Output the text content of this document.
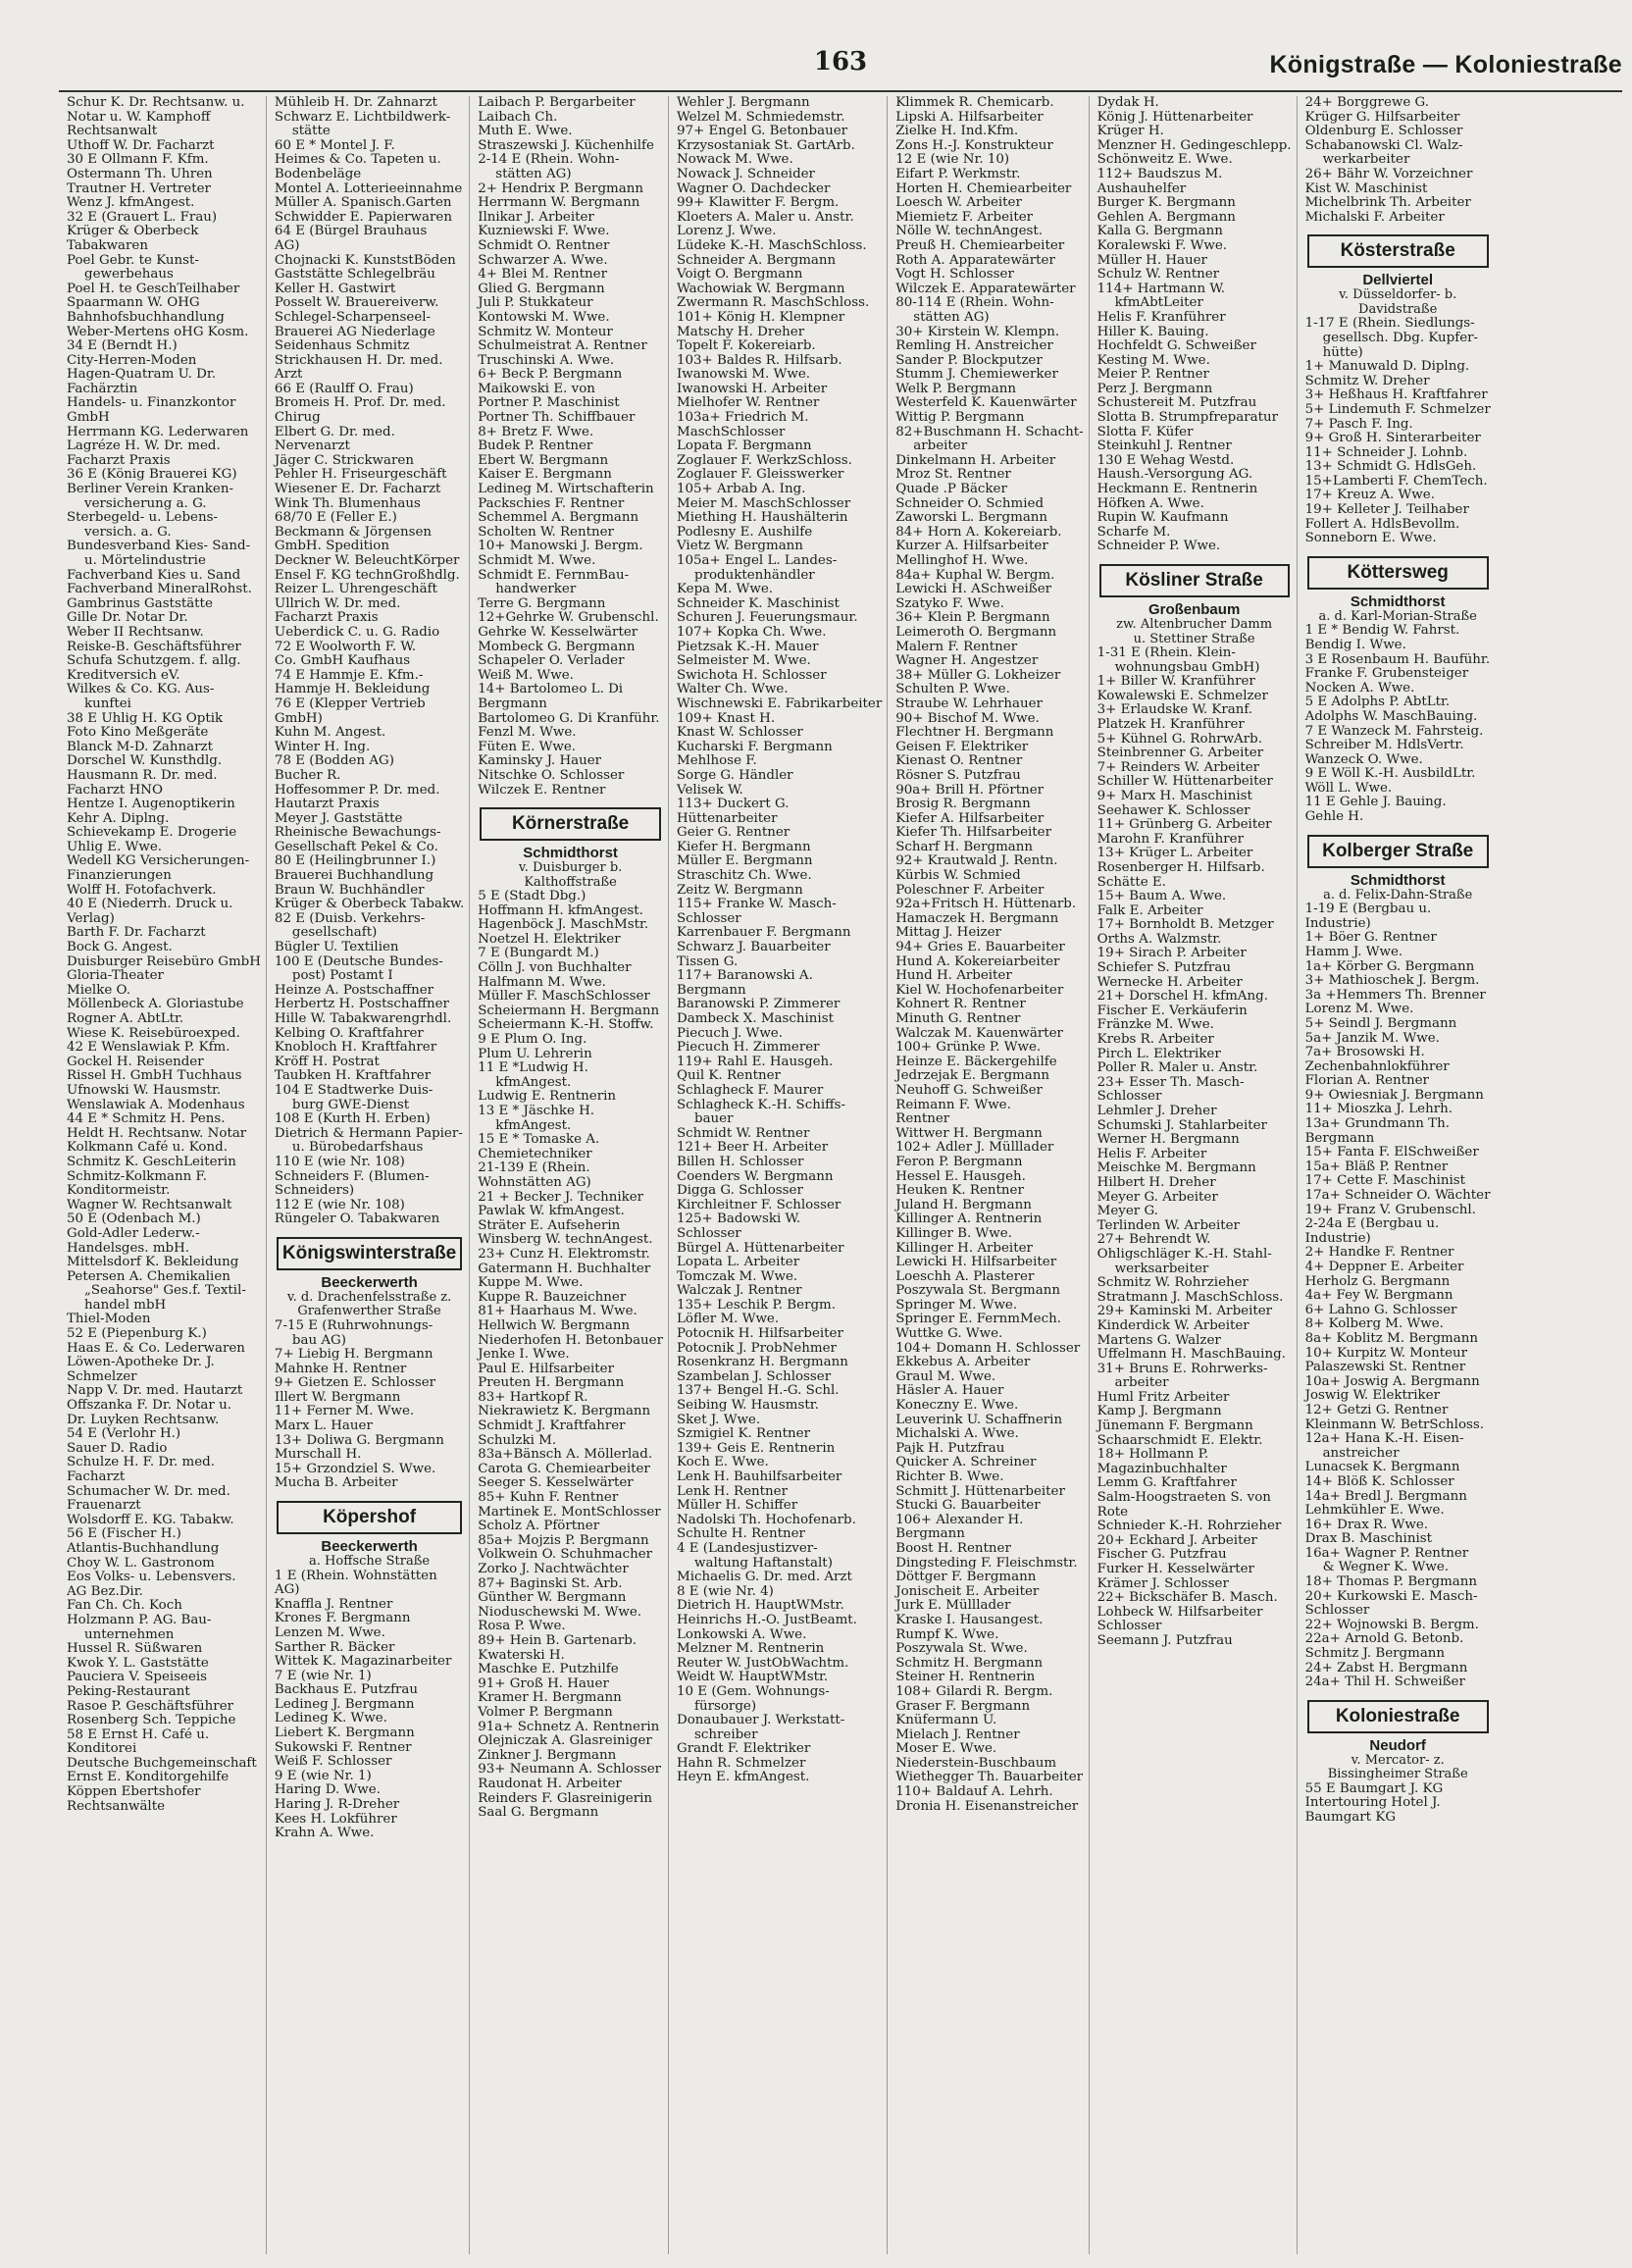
163	Königstraße — Koloniestraße
Schur K. Dr. Rechtsanw. u.
Notar u. W. Kamphoff
Rechtsanwalt
Uthoff W. Dr. Facharzt
30 E Ollmann F. Kfm.
Ostermann Th. Uhren
Trautner H. Vertreter
Wenz J. kfmAngest.
32 E (Grauert L. Frau)
Krüger & Oberbeck
Tabakwaren
Poel Gebr. te Kunst-
gewerbehaus
Poel H. te GeschTeilhaber
Spaarmann W. OHG
Bahnhofsbuchhandlung
Weber-Mertens oHG Kosm.
34 E (Berndt H.)
City-Herren-Moden
Hagen-Quatram U. Dr.
Fachärztin
Handels- u. Finanzkontor
GmbH
Herrmann KG. Lederwaren
Lagréze H. W. Dr. med.
Facharzt Praxis
36 E (König Brauerei KG)
Berliner Verein Kranken-
versicherung a. G.
Sterbegeld- u. Lebens-
versich. a. G.
Bundesverband Kies- Sand-
u. Mörtelindustrie
Fachverband Kies u. Sand
Fachverband MineralRohst.
Gambrinus Gaststätte
Gille Dr. Notar Dr.
Weber II Rechtsanw.
Reiske-B. Geschäftsführer
Schufa Schutzgem. f. allg.
Kreditversich eV.
Wilkes & Co. KG. Aus-
kunftei
38 E Uhlig H. KG Optik
Foto Kino Meßgeräte
Blanck M-D. Zahnarzt
Dorschel W. Kunsthdlg.
Hausmann R. Dr. med.
Facharzt HNO
Hentze I. Augenoptikerin
Kehr A. Diplng.
Schievekamp E. Drogerie
Uhlig E. Wwe.
Wedell KG Versicherungen-
Finanzierungen
Wolff H. Fotofachverk.
40 E (Niederrh. Druck u.
Verlag)
Barth F. Dr. Facharzt
Bock G. Angest.
Duisburger Reisebüro GmbH
Gloria-Theater
Mielke O.
Möllenbeck A. Gloriastube
Rogner A. AbtLtr.
Wiese K. Reisebüroexped.
42 E Wenslawiak P. Kfm.
Gockel H. Reisender
Rissel H. GmbH Tuchhaus
Ufnowski W. Hausmstr.
Wenslawiak A. Modenhaus
44 E * Schmitz H. Pens.
Heldt H. Rechtsanw. Notar
Kolkmann Café u. Kond.
Schmitz K. GeschLeiterin
Schmitz-Kolkmann F.
Konditormeistr.
Wagner W. Rechtsanwalt
50 E (Odenbach M.)
Gold-Adler Lederw.-
Handelsges. mbH.
Mittelsdorf K. Bekleidung
Petersen A. Chemikalien
„Seahorse" Ges.f. Textil-
handel mbH
Thiel-Moden
52 E (Piepenburg K.)
Haas E. & Co. Lederwaren
Löwen-Apotheke Dr. J.
Schmelzer
Napp V. Dr. med. Hautarzt
Offszanka F. Dr. Notar u.
Dr. Luyken Rechtsanw.
54 E (Verlohr H.)
Sauer D. Radio
Schulze H. F. Dr. med.
Facharzt
Schumacher W. Dr. med.
Frauenarzt
Wolsdorff E. KG. Tabakw.
56 E (Fischer H.)
Atlantis-Buchhandlung
Choy W. L. Gastronom
Eos Volks- u. Lebensvers.
AG Bez.Dir.
Fan Ch. Ch. Koch
Holzmann P. AG. Bau-
unternehmen
Hussel R. Süßwaren
Kwok Y. L. Gaststätte
Pauciera V. Speiseeis
Peking-Restaurant
Rasoe P. Geschäftsführer
Rosenberg Sch. Teppiche
58 E Ernst H. Café u.
Konditorei
Deutsche Buchgemeinschaft
Ernst E. Konditorgehilfe
Köppen Ebertshofer
Rechtsanwälte
Mühleib H. Dr. Zahnarzt
Schwarz E. Lichtbildwerk-
stätte
60 E * Montel J. F.
Heimes & Co. Tapeten u.
Bodenbeläge
Montel A. Lotterieeinnahme
Müller A. Spanisch.Garten
Schwidder E. Papierwaren
64 E (Bürgel Brauhaus
AG)
Chojnacki K. KunststBöden
Gaststätte Schlegelbräu
Keller H. Gastwirt
Posselt W. Brauereiverw.
Schlegel-Scharpenseel-
Brauerei AG Niederlage
Seidenhaus Schmitz
Strickhausen H. Dr. med.
Arzt
66 E (Raulff O. Frau)
Bromeis H. Prof. Dr. med.
Chirug
Elbert G. Dr. med.
Nervenarzt
Jäger C. Strickwaren
Pehler H. Friseurgeschäft
Wiesener E. Dr. Facharzt
Wink Th. Blumenhaus
68/70 E (Feller E.)
Beckmann & Jörgensen
GmbH. Spedition
Deckner W. BeleuchtKörper
Ensel F. KG technGroßhdlg.
Reizer L. Uhrengeschäft
Ullrich W. Dr. med.
Facharzt Praxis
Ueberdick C. u. G. Radio
72 E Woolworth F. W.
Co. GmbH Kaufhaus
74 E Hammje E. Kfm.-
Hammje H. Bekleidung
76 E (Klepper Vertrieb
GmbH)
Kuhn M. Angest.
Winter H. Ing.
78 E (Bodden AG)
Bucher R.
Hoffesommer P. Dr. med.
Hautarzt Praxis
Meyer J. Gaststätte
Rheinische Bewachungs-
Gesellschaft Pekel & Co.
80 E (Heilingbrunner I.)
Brauerei Buchhandlung
Braun W. Buchhändler
Krüger & Oberbeck Tabakw.
82 E (Duisb. Verkehrs-
gesellschaft)
Bügler U. Textilien
100 E (Deutsche Bundes-
post) Postamt I
Heinze A. Postschaffner
Herbertz H. Postschaffner
Hille W. Tabakwarengrhdl.
Kelbing O. Kraftfahrer
Knobloch H. Kraftfahrer
Kröff H. Postrat
Taubken H. Kraftfahrer
104 E Stadtwerke Duis-
burg GWE-Dienst
108 E (Kurth H. Erben)
Dietrich & Hermann Papier-
u. Bürobedarfshaus
110 E (wie Nr. 108)
Schneiders F. (Blumen-
Schneiders)
112 E (wie Nr. 108)
Rüngeler O. Tabakwaren
Königswinterstraße
Beeckerwerth
v. d. Drachenfelsstraße z.
Grafenwerther Straße
7-15 E (Ruhrwohnungs-
bau AG)
7+ Liebig H. Bergmann
Mahnke H. Rentner
9+ Gietzen E. Schlosser
Illert W. Bergmann
11+ Ferner M. Wwe.
Marx L. Hauer
13+ Doliwa G. Bergmann
Murschall H.
15+ Grzondziel S. Wwe.
Mucha B. Arbeiter
Köpershof
Beeckerwerth
a. Hoffsche Straße
1 E (Rhein. Wohnstätten
AG)
Knaffla J. Rentner
Krones F. Bergmann
Lenzen M. Wwe.
Sarther R. Bäcker
Wittek K. Magazinarbeiter
7 E (wie Nr. 1)
Backhaus E. Putzfrau
Ledineg J. Bergmann
Ledineg K. Wwe.
Liebert K. Bergmann
Sukowski F. Rentner
Weiß F. Schlosser
9 E (wie Nr. 1)
Haring D. Wwe.
Haring J. R-Dreher
Kees H. Lokführer
Krahn A. Wwe.
Laibach P. Bergarbeiter
Laibach Ch.
Muth E. Wwe.
Straszewski J. Küchenhilfe
2-14 E (Rhein. Wohn-
stätten AG)
2+ Hendrix P. Bergmann
Herrmann W. Bergmann
Ilnikar J. Arbeiter
Kuzniewski F. Wwe.
Schmidt O. Rentner
Schwarzer A. Wwe.
4+ Blei M. Rentner
Glied G. Bergmann
Juli P. Stukkateur
Kontowski M. Wwe.
Schmitz W. Monteur
Schulmeistrat A. Rentner
Truschinski A. Wwe.
6+ Beck P. Bergmann
Maikowski E. von
Portner P. Maschinist
Portner Th. Schiffbauer
8+ Bretz F. Wwe.
Budek P. Rentner
Ebert W. Bergmann
Kaiser E. Bergmann
Ledineg M. Wirtschafterin
Packschies F. Rentner
Schemmel A. Bergmann
Scholten W. Rentner
10+ Manowski J. Bergm.
Schmidt M. Wwe.
Schmidt E. FernmBau-
handwerker
Terre G. Bergmann
12+Gehrke W. Grubenschl.
Gehrke W. Kesselwärter
Mombeck G. Bergmann
Schapeler O. Verlader
Weiß M. Wwe.
14+ Bartolomeo L. Di
Bergmann
Bartolomeo G. Di Kranführ.
Fenzl M. Wwe.
Füten E. Wwe.
Kaminsky J. Hauer
Nitschke O. Schlosser
Wilczek E. Rentner
Körnerstraße
Schmidthorst
v. Duisburger b.
Kalthoffstraße
5 E (Stadt Dbg.)
Hoffmann H. kfmAngest.
Hagenböck J. MaschMstr.
Noetzel H. Elektriker
7 E (Bungardt M.)
Cölln J. von Buchhalter
Halfmann M. Wwe.
Müller F. MaschSchlosser
Scheiermann H. Bergmann
Scheiermann K.-H. Stoffw.
9 E Plum O. Ing.
Plum U. Lehrerin
11 E *Ludwig H.
kfmAngest.
Ludwig E. Rentnerin
13 E * Jäschke H.
kfmAngest.
15 E * Tomaske A.
Chemietechniker
21-139 E (Rhein.
Wohnstätten AG)
21 + Becker J. Techniker
Pawlak W. kfmAngest.
Sträter E. Aufseherin
Winsberg W. technAngest.
23+ Cunz H. Elektromstr.
Gatermann H. Buchhalter
Kuppe M. Wwe.
Kuppe R. Bauzeichner
81+ Haarhaus M. Wwe.
Hellwich W. Bergmann
Niederhofen H. Betonbauer
Jenke I. Wwe.
Paul E. Hilfsarbeiter
Preuten H. Bergmann
83+ Hartkopf R.
Niekrawietz K. Bergmann
Schmidt J. Kraftfahrer
Schulzki M.
83a+Bänsch A. Möllerlad.
Carota G. Chemiearbeiter
Seeger S. Kesselwärter
85+ Kuhn F. Rentner
Martinek E. MontSchlosser
Scholz A. Pförtner
85a+ Mojzis P. Bergmann
Volkwein O. Schuhmacher
Zorko J. Nachtwächter
87+ Baginski St. Arb.
Günther W. Bergmann
Nioduschewski M. Wwe.
Rosa P. Wwe.
89+ Hein B. Gartenarb.
Kwaterski H.
Maschke E. Putzhilfe
91+ Groß H. Hauer
Kramer H. Bergmann
Volmer P. Bergmann
91a+ Schnetz A. Rentnerin
Olejniczak A. Glasreiniger
Zinkner J. Bergmann
93+ Neumann A. Schlosser
Raudonat H. Arbeiter
Reinders F. Glasreinigerin
Saal G. Bergmann
Wehler J. Bergmann
Welzel M. Schmiedemstr.
97+ Engel G. Betonbauer
Krzysostaniak St. GartArb.
Nowack M. Wwe.
Nowack J. Schneider
Wagner O. Dachdecker
99+ Klawitter F. Bergm.
Kloeters A. Maler u. Anstr.
Lorenz J. Wwe.
Lüdeke K.-H. MaschSchloss.
Schneider A. Bergmann
Voigt O. Bergmann
Wachowiak W. Bergmann
Zwermann R. MaschSchloss.
101+ König H. Klempner
Matschy H. Dreher
Topelt F. Kokereiarb.
103+ Baldes R. Hilfsarb.
Iwanowski M. Wwe.
Iwanowski H. Arbeiter
Mielhofer W. Rentner
103a+ Friedrich M.
MaschSchlosser
Lopata F. Bergmann
Zoglauer F. WerkzSchloss.
Zoglauer F. Gleisswerker
105+ Arbab A. Ing.
Meier M. MaschSchlosser
Miething H. Haushälterin
Podlesny E. Aushilfe
Vietz W. Bergmann
105a+ Engel L. Landes-
produktenhändler
Kepa M. Wwe.
Schneider K. Maschinist
Schuren J. Feuerungsmaur.
107+ Kopka Ch. Wwe.
Pietzsak K.-H. Mauer
Selmeister M. Wwe.
Swichota H. Schlosser
Walter Ch. Wwe.
Wischnewski E. Fabrikarbeiter
109+ Knast H.
Knast W. Schlosser
Kucharski F. Bergmann
Mehlhose F.
Sorge G. Händler
Velisek W.
113+ Duckert G.
Hüttenarbeiter
Geier G. Rentner
Kiefer H. Bergmann
Müller E. Bergmann
Straschitz Ch. Wwe.
Zeitz W. Bergmann
115+ Franke W. Masch-
Schlosser
Karrenbauer F. Bergmann
Schwarz J. Bauarbeiter
Tissen G.
117+ Baranowski A.
Bergmann
Baranowski P. Zimmerer
Dambeck X. Maschinist
Piecuch J. Wwe.
Piecuch H. Zimmerer
119+ Rahl E. Hausgeh.
Quil K. Rentner
Schlagheck F. Maurer
Schlagheck K.-H. Schiffs-
bauer
Schmidt W. Rentner
121+ Beer H. Arbeiter
Billen H. Schlosser
Coenders W. Bergmann
Digga G. Schlosser
Kirchleitner F. Schlosser
125+ Badowski W.
Schlosser
Bürgel A. Hüttenarbeiter
Lopata L. Arbeiter
Tomczak M. Wwe.
Walczak J. Rentner
135+ Leschik P. Bergm.
Löfler M. Wwe.
Potocnik H. Hilfsarbeiter
Potocnik J. ProbNehmer
Rosenkranz H. Bergmann
Szambelan J. Schlosser
137+ Bengel H.-G. Schl.
Seibing W. Hausmstr.
Sket J. Wwe.
Szmigiel K. Rentner
139+ Geis E. Rentnerin
Koch E. Wwe.
Lenk H. Bauhilfsarbeiter
Lenk H. Rentner
Müller H. Schiffer
Nadolski Th. Hochofenarb.
Schulte H. Rentner
4 E (Landesjustizver-
waltung Haftanstalt)
Michaelis G. Dr. med. Arzt
8 E (wie Nr. 4)
Dietrich H. HauptWMstr.
Heinrichs H.-O. JustBeamt.
Lonkowski A. Wwe.
Melzner M. Rentnerin
Reuter W. JustObWachtm.
Weidt W. HauptWMstr.
10 E (Gem. Wohnungs-
fürsorge)
Donaubauer J. Werkstatt-
schreiber
Grandt F. Elektriker
Hahn R. Schmelzer
Heyn E. kfmAngest.
Klimmek R. Chemicarb.
Lipski A. Hilfsarbeiter
Zielke H. Ind.Kfm.
Zons H.-J. Konstrukteur
12 E (wie Nr. 10)
Eifart P. Werkmstr.
Horten H. Chemiearbeiter
Loesch W. Arbeiter
Miemietz F. Arbeiter
Nölle W. technAngest.
Preuß H. Chemiearbeiter
Roth A. Apparatewärter
Vogt H. Schlosser
Wilczek E. Apparatewärter
80-114 E (Rhein. Wohn-
stätten AG)
30+ Kirstein W. Klempn.
Remling H. Anstreicher
Sander P. Blockputzer
Stumm J. Chemiewerker
Welk P. Bergmann
Westerfeld K. Kauenwärter
Wittig P. Bergmann
82+Buschmann H. Schacht-
arbeiter
Dinkelmann H. Arbeiter
Mroz St. Rentner
Quade .P Bäcker
Schneider O. Schmied
Zaworski L. Bergmann
84+ Horn A. Kokereiarb.
Kurzer A. Hilfsarbeiter
Mellinghof H. Wwe.
84a+ Kuphal W. Bergm.
Lewicki H. ASchweißer
Szatyko F. Wwe.
36+ Klein P. Bergmann
Leimeroth O. Bergmann
Malern F. Rentner
Wagner H. Angestzer
38+ Müller G. Lokheizer
Schulten P. Wwe.
Straube W. Lehrhauer
90+ Bischof M. Wwe.
Flechtner H. Bergmann
Geisen F. Elektriker
Kienast O. Rentner
Rösner S. Putzfrau
90a+ Brill H. Pförtner
Brosig R. Bergmann
Kiefer A. Hilfsarbeiter
Kiefer Th. Hilfsarbeiter
Scharf H. Bergmann
92+ Krautwald J. Rentn.
Kürbis W. Schmied
Poleschner F. Arbeiter
92a+Fritsch H. Hüttenarb.
Hamaczek H. Bergmann
Mittag J. Heizer
94+ Gries E. Bauarbeiter
Hund A. Kokereiarbeiter
Hund H. Arbeiter
Kiel W. Hochofenarbeiter
Kohnert R. Rentner
Minuth G. Rentner
Walczak M. Kauenwärter
100+ Grünke P. Wwe.
Heinze E. Bäckergehilfe
Jedrzejak E. Bergmann
Neuhoff G. Schweißer
Reimann F. Wwe.
Rentner
Wittwer H. Bergmann
102+ Adler J. Mülllader
Feron P. Bergmann
Hessel E. Hausgeh.
Heuken K. Rentner
Juland H. Bergmann
Killinger A. Rentnerin
Killinger B. Wwe.
Killinger H. Arbeiter
Lewicki H. Hilfsarbeiter
Loeschh A. Plasterer
Poszywala St. Bergmann
Springer M. Wwe.
Springer E. FernmMech.
Wuttke G. Wwe.
104+ Domann H. Schlosser
Ekkebus A. Arbeiter
Graul M. Wwe.
Häsler A. Hauer
Koneczny E. Wwe.
Leuverink U. Schaffnerin
Michalski A. Wwe.
Pajk H. Putzfrau
Quicker A. Schreiner
Richter B. Wwe.
Schmitt J. Hüttenarbeiter
Stucki G. Bauarbeiter
106+ Alexander H.
Bergmann
Boost H. Rentner
Dingsteding F. Fleischmstr.
Döttger F. Bergmann
Jonischeit E. Arbeiter
Jurk E. Mülllader
Kraske I. Hausangest.
Rumpf K. Wwe.
Poszywala St. Wwe.
Schmitz H. Bergmann
Steiner H. Rentnerin
108+ Gilardi R. Bergm.
Graser F. Bergmann
Knüfermann U.
Mielach J. Rentner
Moser E. Wwe.
Niederstein-Buschbaum
Wiethegger Th. Bauarbeiter
110+ Baldauf A. Lehrh.
Dronia H. Eisenanstreicher
Dydak H.
König J. Hüttenarbeiter
Krüger H.
Menzner H. Gedingeschlepp.
Schönweitz E. Wwe.
112+ Baudszus M.
Aushauhelfer
Burger K. Bergmann
Gehlen A. Bergmann
Kalla G. Bergmann
Koralewski F. Wwe.
Müller H. Hauer
Schulz W. Rentner
114+ Hartmann W.
kfmAbtLeiter
Helis F. Kranführer
Hiller K. Bauing.
Hochfeldt G. Schweißer
Kesting M. Wwe.
Meier P. Rentner
Perz J. Bergmann
Schustereit M. Putzfrau
Slotta B. Strumpfreparatur
Slotta F. Küfer
Steinkuhl J. Rentner
130 E Wehag Westd.
Haush.-Versorgung AG.
Heckmann E. Rentnerin
Höfken A. Wwe.
Rupin W. Kaufmann
Scharfe M.
Schneider P. Wwe.
Kösliner Straße
Großenbaum
zw. Altenbrucher Damm
u. Stettiner Straße
1-31 E (Rhein. Klein-
wohnungsbau GmbH)
1+ Biller W. Kranführer
Kowalewski E. Schmelzer
3+ Erlaudske W. Kranf.
Platzek H. Kranführer
5+ Kühnel G. RohrwArb.
Steinbrenner G. Arbeiter
7+ Reinders W. Arbeiter
Schiller W. Hüttenarbeiter
9+ Marx H. Maschinist
Seehawer K. Schlosser
11+ Grünberg G. Arbeiter
Marohn F. Kranführer
13+ Krüger L. Arbeiter
Rosenberger H. Hilfsarb.
Schätte E.
15+ Baum A. Wwe.
Falk E. Arbeiter
17+ Bornholdt B. Metzger
Orths A. Walzmstr.
19+ Sirach P. Arbeiter
Schiefer S. Putzfrau
Wernecke H. Arbeiter
21+ Dorschel H. kfmAng.
Fischer E. Verkäuferin
Fränzke M. Wwe.
Krebs R. Arbeiter
Pirch L. Elektriker
Poller R. Maler u. Anstr.
23+ Esser Th. Masch-
Schlosser
Lehmler J. Dreher
Schumski J. Stahlarbeiter
Werner H. Bergmann
Helis F. Arbeiter
Meischke M. Bergmann
Hilbert H. Dreher
Meyer G. Arbeiter
Meyer G.
Terlinden W. Arbeiter
27+ Behrendt W.
Ohligschläger K.-H. Stahl-
werksarbeiter
Schmitz W. Rohrzieher
Stratmann J. MaschSchloss.
29+ Kaminski M. Arbeiter
Kinderdick W. Arbeiter
Martens G. Walzer
Uffelmann H. MaschBauing.
31+ Bruns E. Rohrwerks-
arbeiter
Huml Fritz Arbeiter
Kamp J. Bergmann
Jünemann F. Bergmann
Schaarschmidt E. Elektr.
18+ Hollmann P.
Magazinbuchhalter
Lemm G. Kraftfahrer
Salm-Hoogstraeten S. von
Rote
Schnieder K.-H. Rohrzieher
20+ Eckhard J. Arbeiter
Fischer G. Putzfrau
Furker H. Kesselwärter
Krämer J. Schlosser
22+ Bickschäfer B. Masch.
Lohbeck W. Hilfsarbeiter
Schlosser
Seemann J. Putzfrau
24+ Borggrewe G.
Krüger G. Hilfsarbeiter
Oldenburg E. Schlosser
Schabanowski Cl. Walz-
werkarbeiter
26+ Bähr W. Vorzeichner
Kist W. Maschinist
Michelbrink Th. Arbeiter
Michalski F. Arbeiter
Kösterstraße
Dellviertel
v. Düsseldorfer- b.
Davidstraße
1-17 E (Rhein. Siedlungs-
gesellsch. Dbg. Kupfer-
hütte)
1+ Manuwald D. Diplng.
Schmitz W. Dreher
3+ Heßhaus H. Kraftfahrer
5+ Lindemuth F. Schmelzer
7+ Pasch F. Ing.
9+ Groß H. Sinterarbeiter
11+ Schneider J. Lohnb.
13+ Schmidt G. HdlsGeh.
15+Lamberti F. ChemTech.
17+ Kreuz A. Wwe.
19+ Kelleter J. Teilhaber
Follert A. HdlsBevollm.
Sonneborn E. Wwe.
Köttersweg
Schmidthorst
a. d. Karl-Morian-Straße
1 E * Bendig W. Fahrst.
Bendig I. Wwe.
3 E Rosenbaum H. Bauführ.
Franke F. Grubensteiger
Nocken A. Wwe.
5 E Adolphs P. AbtLtr.
Adolphs W. MaschBauing.
7 E Wanzeck M. Fahrsteig.
Schreiber M. HdlsVertr.
Wanzeck O. Wwe.
9 E Wöll K.-H. AusbildLtr.
Wöll L. Wwe.
11 E Gehle J. Bauing.
Gehle H.
Kolberger Straße
Schmidthorst
a. d. Felix-Dahn-Straße
1-19 E (Bergbau u.
Industrie)
1+ Böer G. Rentner
Hamm J. Wwe.
1a+ Körber G. Bergmann
3+ Mathioschek J. Bergm.
3a +Hemmers Th. Brenner
Lorenz M. Wwe.
5+ Seindl J. Bergmann
5a+ Janzik M. Wwe.
7a+ Brosowski H.
Zechenbahnlokführer
Florian A. Rentner
9+ Owiesniak J. Bergmann
11+ Mioszka J. Lehrh.
13a+ Grundmann Th.
Bergmann
15+ Fanta F. ElSchweißer
15a+ Bläß P. Rentner
17+ Cette F. Maschinist
17a+ Schneider O. Wächter
19+ Franz V. Grubenschl.
2-24a E (Bergbau u.
Industrie)
2+ Handke F. Rentner
4+ Deppner E. Arbeiter
Herholz G. Bergmann
4a+ Fey W. Bergmann
6+ Lahno G. Schlosser
8+ Kolberg M. Wwe.
8a+ Koblitz M. Bergmann
10+ Kurpitz W. Monteur
Palaszewski St. Rentner
10a+ Joswig A. Bergmann
Joswig W. Elektriker
12+ Getzi G. Rentner
Kleinmann W. BetrSchloss.
12a+ Hana K.-H. Eisen-
anstreicher
Lunacsek K. Bergmann
14+ Blöß K. Schlosser
14a+ Bredl J. Bergmann
Lehmkühler E. Wwe.
16+ Drax R. Wwe.
Drax B. Maschinist
16a+ Wagner P. Rentner
& Wegner K. Wwe.
18+ Thomas P. Bergmann
20+ Kurkowski E. Masch-
Schlosser
22+ Wojnowski B. Bergm.
22a+ Arnold G. Betonb.
Schmitz J. Bergmann
24+ Zabst H. Bergmann
24a+ Thil H. Schweißer
Koloniestraße
Neudorf
v. Mercator- z.
Bissingheimer Straße
55 E Baumgart J. KG
Intertouring Hotel J.
Baumgart KG
